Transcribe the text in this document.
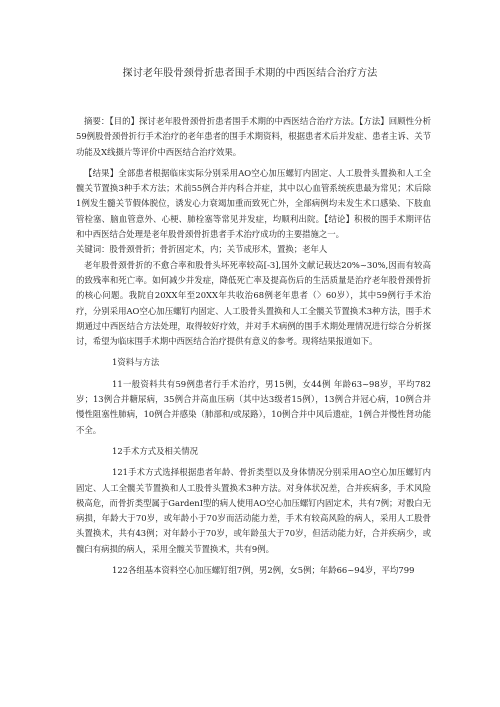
探讨老年股骨颈骨折患者围手术期的中西医结合治疗方法

摘要：【目的】探讨老年股骨颈骨折患者围手术期的中西医结合治疗方法。【方法】回顾性分析59例股骨颈骨折行手术治疗的老年患者的围手术期资料，根据患者术后并发症、患者主诉、关节功能及X线摄片等评价中西医结合治疗效果。

【结果】全部患者根据临床实际分别采用AO空心加压螺钉内固定、人工股骨头置换和人工全髋关节置换3种手术方法；术前55例合并内科合并症，其中以心血管系统疾患最为常见；术后除1例发生髓关节假体脱位，诱发心力衰竭加重而致死亡外，全部病例均未发生术口感染、下肢血管栓塞、脑血管意外、心梗、肺栓塞等常见并发症，均顺利出院。【结论】积极的围手术期评估和中西医结合处理是老年股骨颈骨折患者手术治疗成功的主要措施之一。

关键词：股骨颈骨折；骨折固定术，内；关节成形术，置换；老年人

老年股骨颈骨折的不愈合率和股骨头坏死率较高[-3],国外文献记载达20%~30%,因而有较高的致残率和死亡率。如何减少并发症，降低死亡率及提高伤后的生活质量是治疗老年股骨颈骨折的核心问题。我院自20XX年至20XX年共收治68例老年患者（〉60岁），其中59例行手术治疗，分别采用AO空心加压螺钉内固定、人工股骨头置换和人工全髋关节置换术3种方法，围手术期通过中西医结合方法处理，取得较好疗效，并对手术病例的围手术期处理情况进行综合分析探讨，希望为临床围手术期中西医结合治疗提供有意义的参考。现将结果报道如下。

1资料与方法

11一般资料共有59例患者行手术治疗，男15例，女44例 年龄63~98岁，平均782岁；13例合并糖尿病，35例合并高血压病（其中达3级者15例），13例合并冠心病，10例合并慢性阻塞性肺病，10例合并感染（肺部和/或尿路），10例合并中风后遗症，1例合并慢性肾功能不全。

12手术方式及相关情况

121手术方式选择根据患者年龄、骨折类型以及身体情况分别采用AO空心加压螺钉内固定、人工全髋关节置换和人工股骨头置换术3种方法。对身体状况差，合并疾病多，手术风险极高危，而骨折类型属于GardenⅠ型的病人使用AO空心加压螺钉内固定术，共有7例；对骰白无病损，年龄大于70岁，或年龄小于70岁而活动能力差，手术有较高风险的病人，采用人工股骨头置换术，共有43例；对年龄小于70岁，或年龄虽大于70岁，但活动能力好，合并疾病少，或髋臼有病损的病人，采用全髋关节置换术，共有9例。

122各组基本资料空心加压螺钉组7例，男2例，女5例；年龄66~94岁，平均799
